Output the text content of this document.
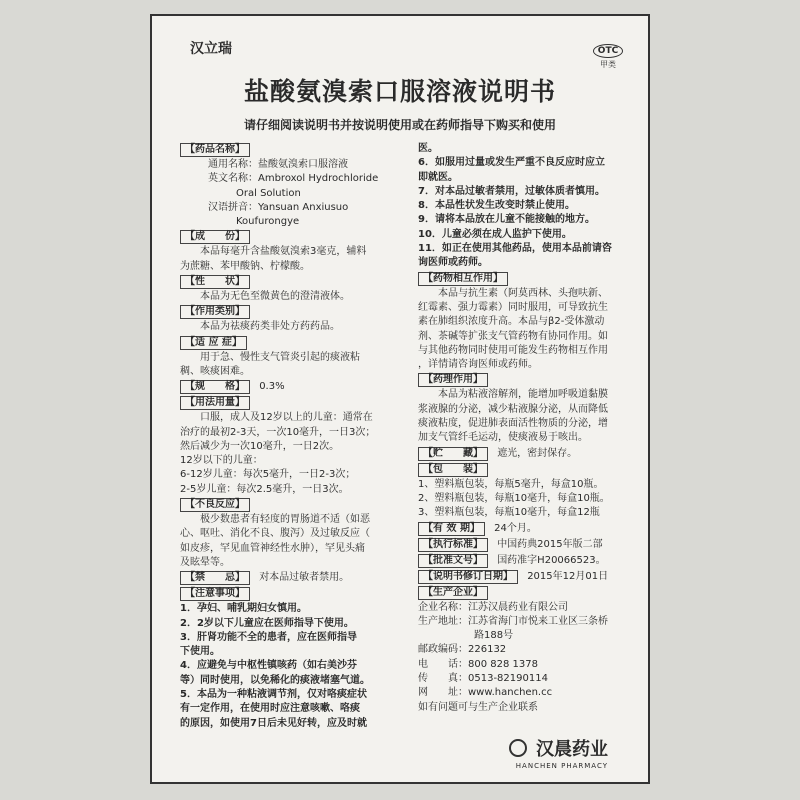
汉立瑞	OTC
甲类
盐酸氨溴索口服溶液说明书
请仔细阅读说明书并按说明使用或在药师指导下购买和使用
【药品名称】
通用名称：盐酸氨溴索口服溶液
英文名称：Ambroxol Hydrochloride
Oral Solution
汉语拼音：Yansuan Anxiusuo
Koufurongye
【成　　份】
本品每毫升含盐酸氨溴索3毫克，辅料
为蔗糖、苯甲酸钠、柠檬酸。
【性　　状】
本品为无色至微黄色的澄清液体。
【作用类别】
本品为祛痰药类非处方药药品。
【适 应 症】
用于急、慢性支气管炎引起的痰液粘
稠、咳痰困难。
【规　　格】 0.3%
【用法用量】
口服，成人及12岁以上的儿童：通常在
治疗的最初2-3天，一次10毫升，一日3次；
然后减少为一次10毫升，一日2次。
12岁以下的儿童：
6-12岁儿童：每次5毫升，一日2-3次；
2-5岁儿童：每次2.5毫升，一日3次。
【不良反应】
极少数患者有轻度的胃肠道不适（如恶
心、呕吐、消化不良、腹泻）及过敏反应（
如皮疹，罕见血管神经性水肿），罕见头痛
及眩晕等。
【禁　　忌】 对本品过敏者禁用。
【注意事项】
1．孕妇、哺乳期妇女慎用。
2．2岁以下儿童应在医师指导下使用。
3．肝肾功能不全的患者，应在医师指导
下使用。
4．应避免与中枢性镇咳药（如右美沙芬
等）同时使用，以免稀化的痰液堵塞气道。
5．本品为一种粘液调节剂，仅对咯痰症状
有一定作用，在使用时应注意咳嗽、咯痰
的原因，如使用7日后未见好转，应及时就
医。
6．如服用过量或发生严重不良反应时应立
即就医。
7．对本品过敏者禁用，过敏体质者慎用。
8．本品性状发生改变时禁止使用。
9．请将本品放在儿童不能接触的地方。
10．儿童必须在成人监护下使用。
11．如正在使用其他药品，使用本品前请咨
询医师或药师。
【药物相互作用】
本品与抗生素（阿莫西林、头孢呋新、
红霉素、强力霉素）同时服用，可导致抗生
素在肺组织浓度升高。本品与β2-受体激动
剂、茶碱等扩张支气管药物有协同作用。如
与其他药物同时使用可能发生药物相互作用
，详情请咨询医师或药师。
【药理作用】
本品为粘液溶解剂，能增加呼吸道黏膜
浆液腺的分泌，减少粘液腺分泌，从而降低
痰液粘度，促进肺表面活性物质的分泌，增
加支气管纤毛运动，使痰液易于咳出。
【贮　　藏】 遮光，密封保存。
【包　　装】
1、塑料瓶包装，每瓶5毫升，每盒10瓶。
2、塑料瓶包装，每瓶10毫升，每盒10瓶。
3、塑料瓶包装，每瓶10毫升，每盒12瓶
【有 效 期】 24个月。
【执行标准】 中国药典2015年版二部
【批准文号】 国药准字H20066523。
【说明书修订日期】 2015年12月01日
【生产企业】
企业名称：江苏汉晨药业有限公司
生产地址：江苏省海门市悦来工业区三条桥
路188号
邮政编码：226132
电　　话：800 828 1378
传　　真：0513-82190114
网　　址：www.hanchen.cc
如有问题可与生产企业联系
汉晨药业
HANCHEN PHARMACY
